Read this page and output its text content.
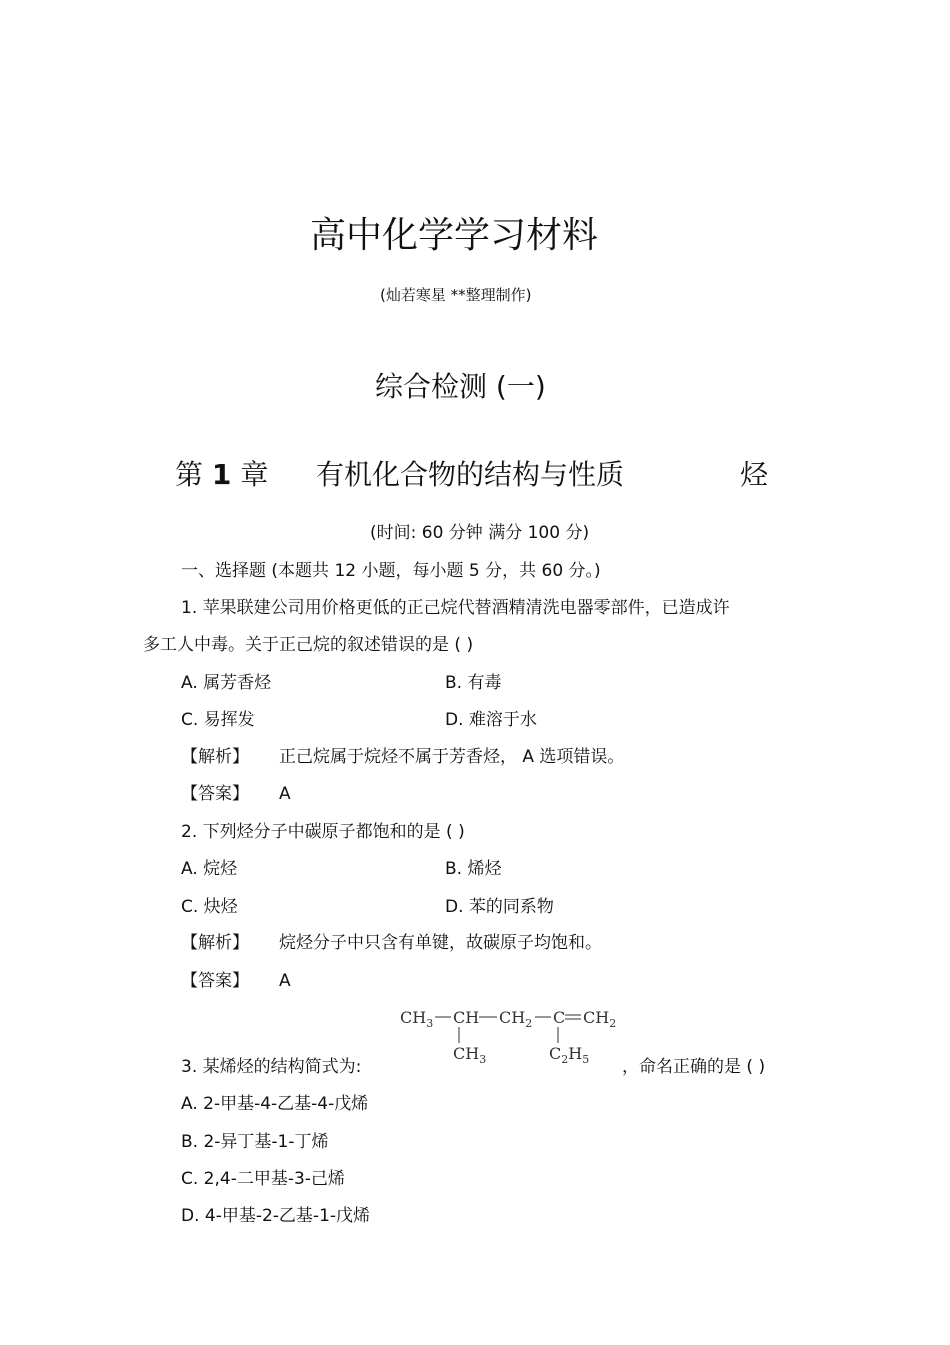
高中化学学习材料
(灿若寒星 **整理制作)
综合检测 (一)
第 1 章 有机化合物的结构与性质	烃
(时间: 60 分钟 满分 100 分)
一、选择题 (本题共 12 小题，每小题 5 分，共 60 分。)
1. 苹果联建公司用价格更低的正己烷代替酒精清洗电器零部件，已造成许
多工人中毒。关于正己烷的叙述错误的是 ( )
A. 属芳香烃	B. 有毒
C. 易挥发	D. 难溶于水
【解析】 正己烷属于烷烃不属于芳香烃， A 选项错误。
【答案】 A
2. 下列烃分子中碳原子都饱和的是 ( )
A. 烷烃	B. 烯烃
C. 炔烃	D. 苯的同系物
【解析】 烷烃分子中只含有单键，故碳原子均饱和。
【答案】 A
$CH_3$ CH $CH_2$ C $CH_2$
$CH_3$	$C_2H_5$
3. 某烯烃的结构简式为:	，命名正确的是 ( )
A. 2-甲基-4-乙基-4-戊烯
B. 2-异丁基-1-丁烯
C. 2,4-二甲基-3-己烯
D. 4-甲基-2-乙基-1-戊烯
